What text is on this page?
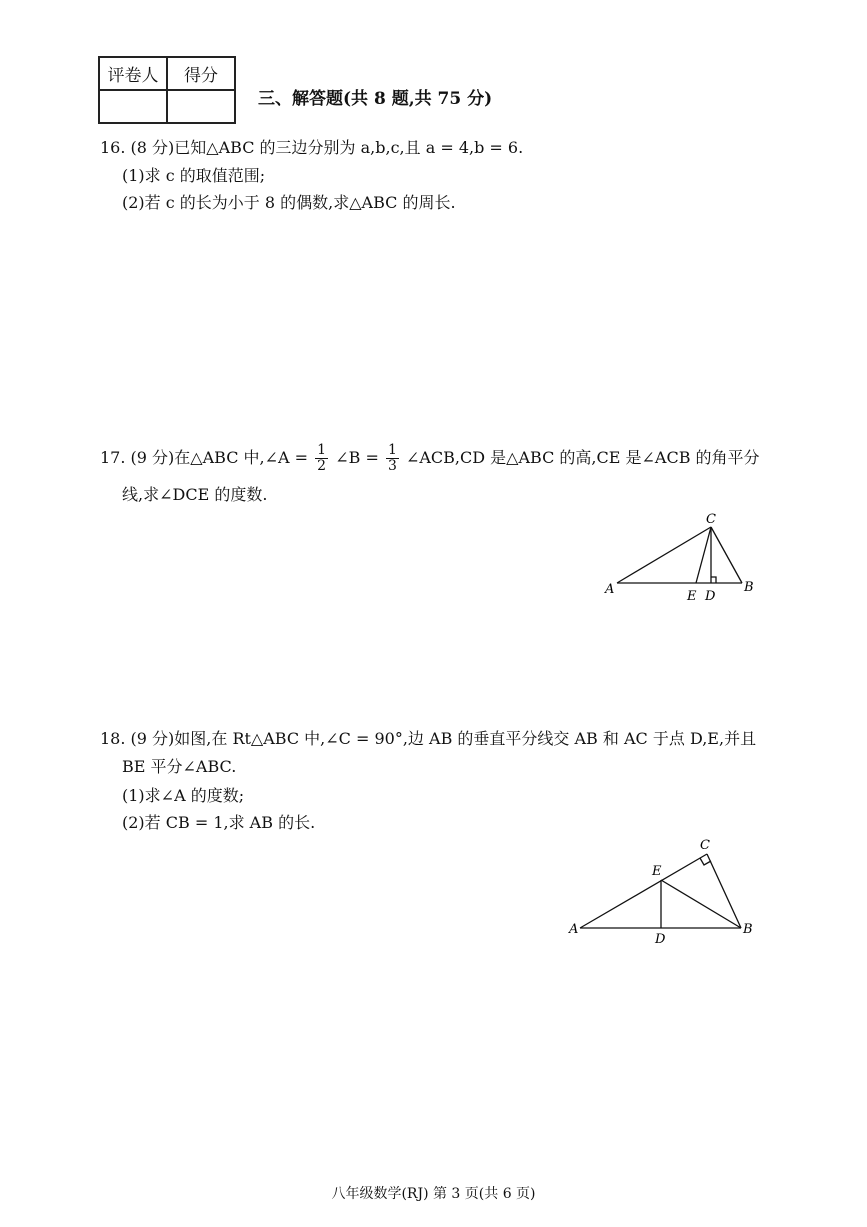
评卷人	得分

三、解答题(共 8 题,共 75 分)
16. (8 分)已知△ABC 的三边分别为 a,b,c,且 a = 4,b = 6.
(1)求 c 的取值范围;
(2)若 c 的长为小于 8 的偶数,求△ABC 的周长.
17. (9 分)在△ABC 中,∠A = $\frac{1}{2}$ ∠B = $\frac{1}{3}$ ∠ACB,CD 是△ABC 的高,CE 是∠ACB 的角平分
线,求∠DCE 的度数.
A	B
C
D
E
18. (9 分)如图,在 Rt△ABC 中,∠C = 90°,边 AB 的垂直平分线交 AB 和 AC 于点 D,E,并且
BE 平分∠ABC.
(1)求∠A 的度数;
(2)若 CB = 1,求 AB 的长.
A	B
C
D
E
八年级数学(RJ) 第 3 页(共 6 页)
